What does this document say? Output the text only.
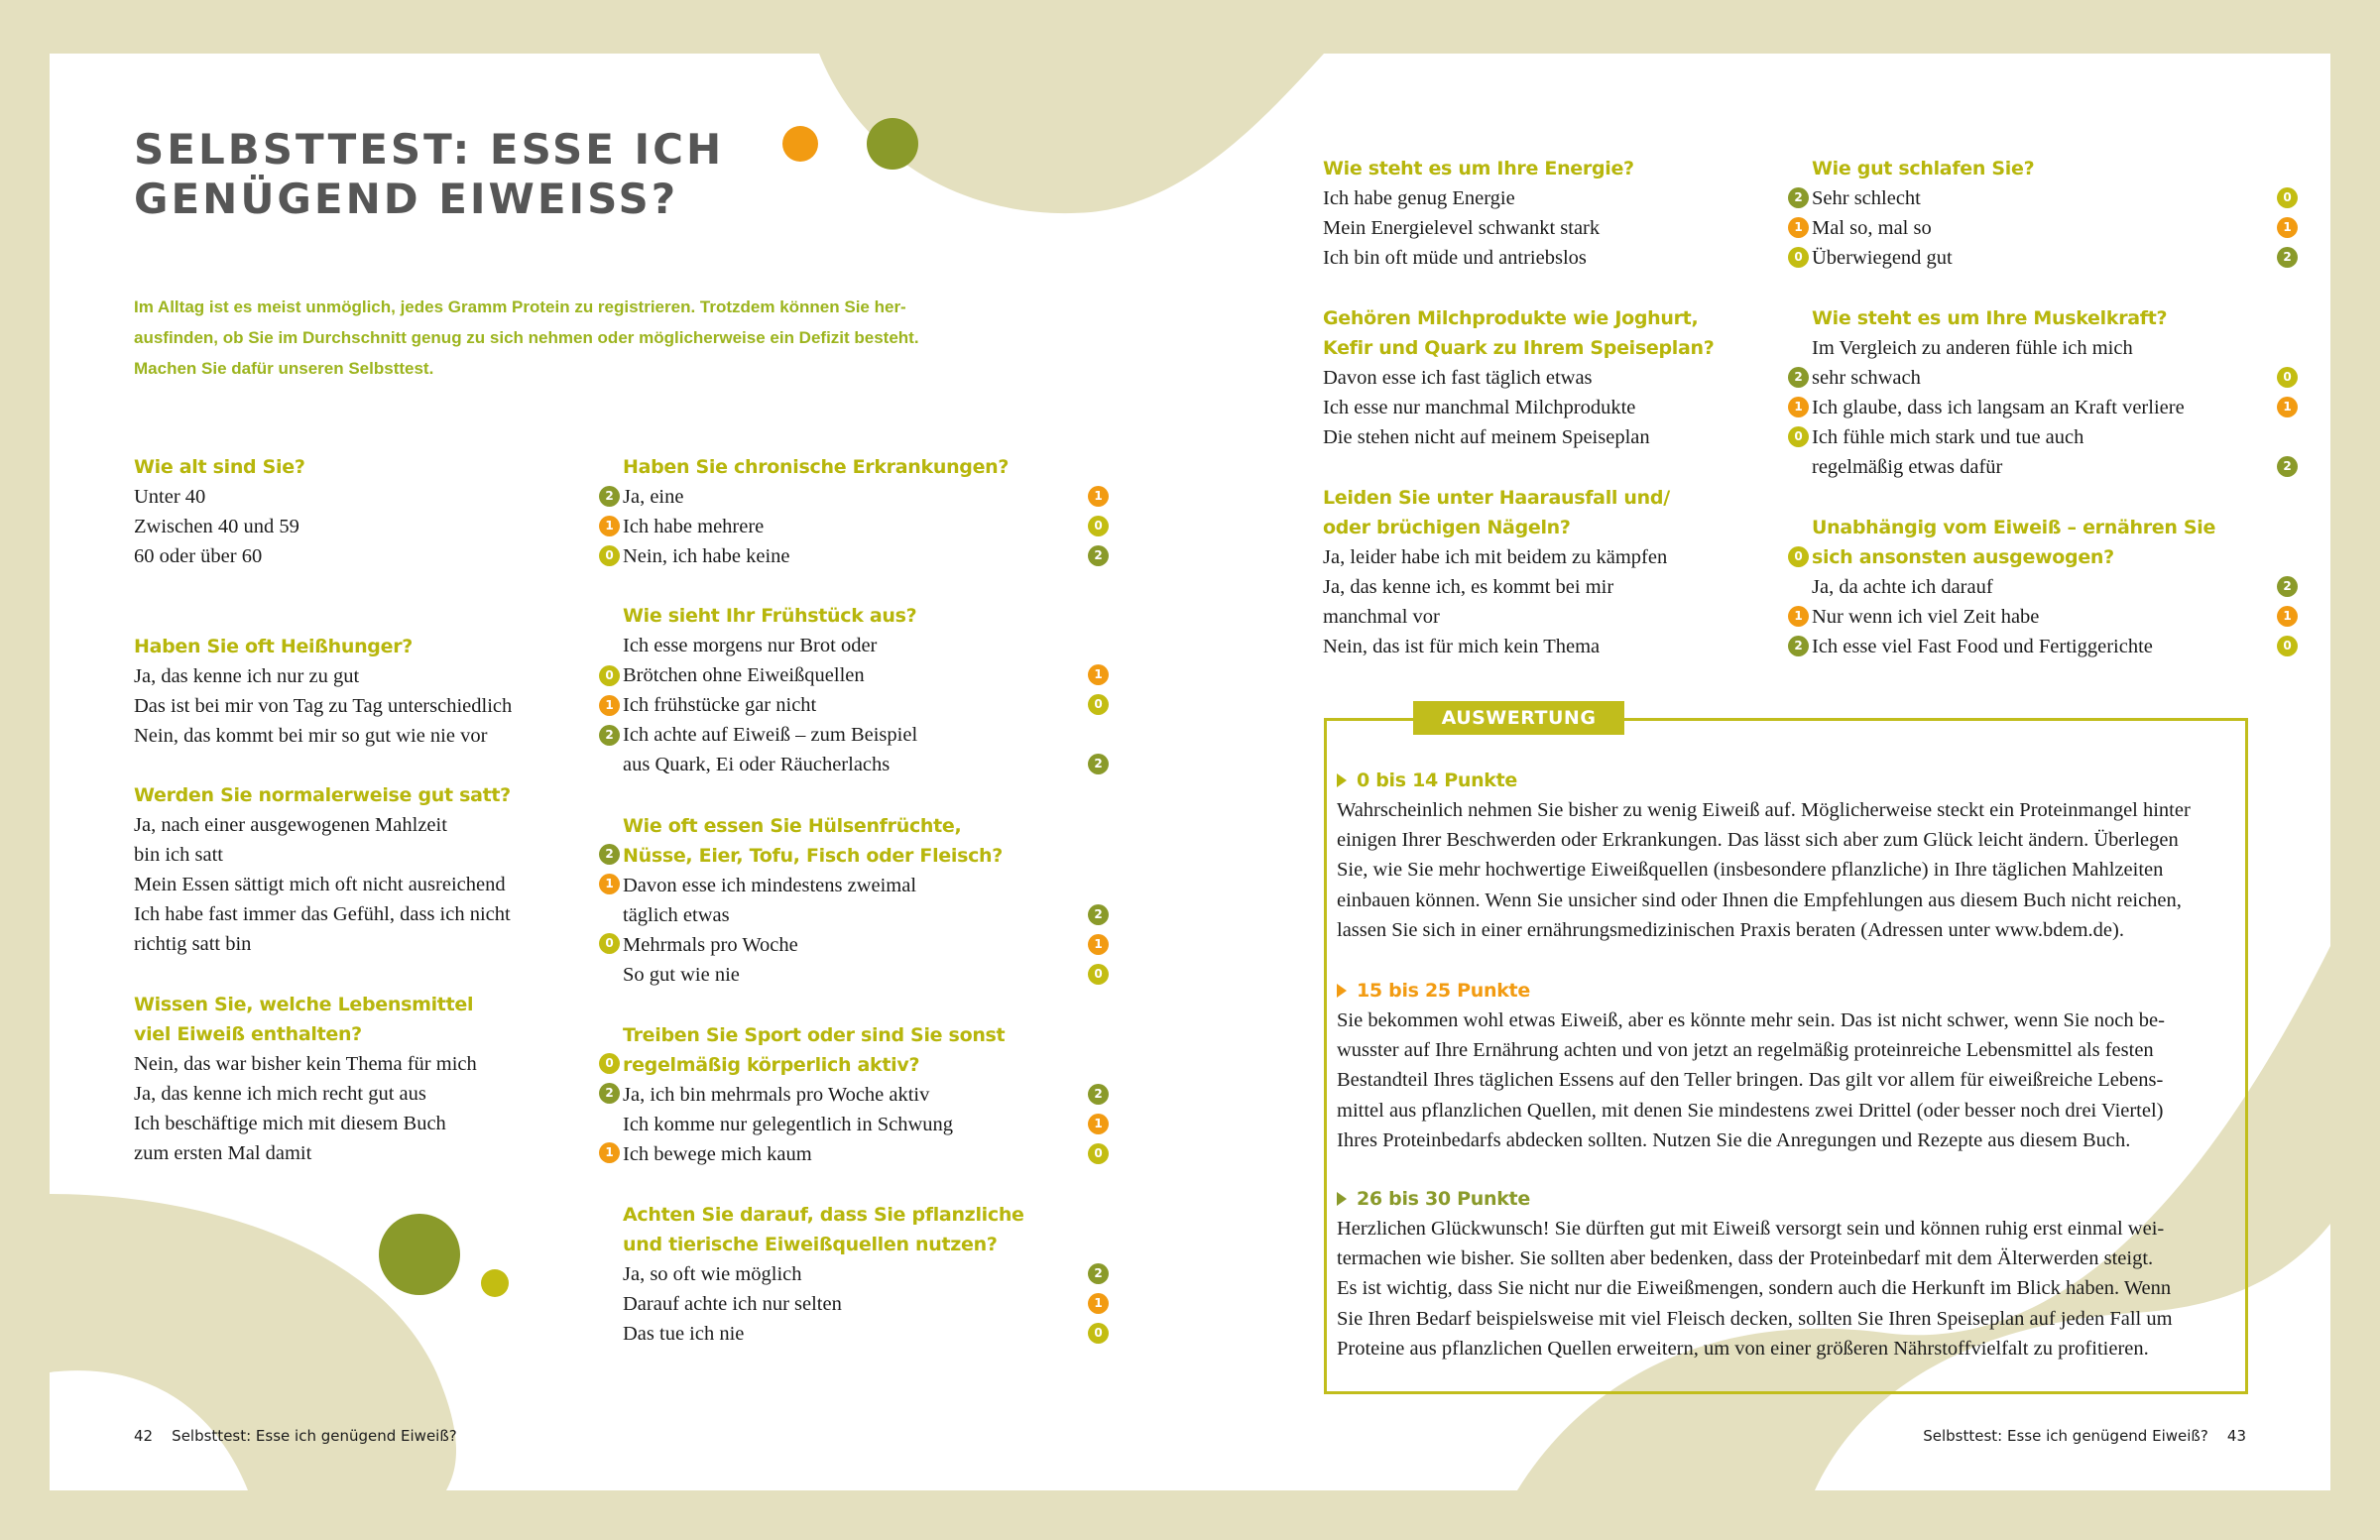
SELBSTTEST: ESSE ICH
GENÜGEND EIWEISS?
Im Alltag ist es meist unmöglich, jedes Gramm Protein zu registrieren. Trotzdem können Sie her-
ausfinden, ob Sie im Durchschnitt genug zu sich nehmen oder möglicherweise ein Defizit besteht.
Machen Sie dafür unseren Selbsttest.
Wie alt sind Sie?
Unter 40	2
Zwischen 40 und 59	1
60 oder über 60	0
Haben Sie oft Heißhunger?
Ja, das kenne ich nur zu gut	0
Das ist bei mir von Tag zu Tag unterschiedlich	1
Nein, das kommt bei mir so gut wie nie vor	2
Werden Sie normalerweise gut satt?
Ja, nach einer ausgewogenen Mahlzeit
bin ich satt	2
Mein Essen sättigt mich oft nicht ausreichend	1
Ich habe fast immer das Gefühl, dass ich nicht
richtig satt bin	0
Wissen Sie, welche Lebensmittel
viel Eiweiß enthalten?
Nein, das war bisher kein Thema für mich	0
Ja, das kenne ich mich recht gut aus	2
Ich beschäftige mich mit diesem Buch
zum ersten Mal damit	1
Haben Sie chronische Erkrankungen?
Ja, eine	1
Ich habe mehrere	0
Nein, ich habe keine	2
Wie sieht Ihr Frühstück aus?
Ich esse morgens nur Brot oder
Brötchen ohne Eiweißquellen	1
Ich frühstücke gar nicht	0
Ich achte auf Eiweiß – zum Beispiel
aus Quark, Ei oder Räucherlachs	2
Wie oft essen Sie Hülsenfrüchte,
Nüsse, Eier, Tofu, Fisch oder Fleisch?
Davon esse ich mindestens zweimal
täglich etwas	2
Mehrmals pro Woche	1
So gut wie nie	0
Treiben Sie Sport oder sind Sie sonst
regelmäßig körperlich aktiv?
Ja, ich bin mehrmals pro Woche aktiv	2
Ich komme nur gelegentlich in Schwung	1
Ich bewege mich kaum	0
Achten Sie darauf, dass Sie pflanzliche
und tierische Eiweißquellen nutzen?
Ja, so oft wie möglich	2
Darauf achte ich nur selten	1
Das tue ich nie	0
Wie steht es um Ihre Energie?
Ich habe genug Energie	2
Mein Energielevel schwankt stark	1
Ich bin oft müde und antriebslos	0
Gehören Milchprodukte wie Joghurt,
Kefir und Quark zu Ihrem Speiseplan?
Davon esse ich fast täglich etwas	2
Ich esse nur manchmal Milchprodukte	1
Die stehen nicht auf meinem Speiseplan	0
Leiden Sie unter Haarausfall und/
oder brüchigen Nägeln?
Ja, leider habe ich mit beidem zu kämpfen	0
Ja, das kenne ich, es kommt bei mir
manchmal vor	1
Nein, das ist für mich kein Thema	2
Wie gut schlafen Sie?
Sehr schlecht	0
Mal so, mal so	1
Überwiegend gut	2
Wie steht es um Ihre Muskelkraft?
Im Vergleich zu anderen fühle ich mich
sehr schwach	0
Ich glaube, dass ich langsam an Kraft verliere	1
Ich fühle mich stark und tue auch
regelmäßig etwas dafür	2
Unabhängig vom Eiweiß – ernähren Sie
sich ansonsten ausgewogen?
Ja, da achte ich darauf	2
Nur wenn ich viel Zeit habe	1
Ich esse viel Fast Food und Fertiggerichte	0
AUSWERTUNG
0 bis 14 Punkte
Wahrscheinlich nehmen Sie bisher zu wenig Eiweiß auf. Möglicherweise steckt ein Proteinmangel hinter
einigen Ihrer Beschwerden oder Erkrankungen. Das lässt sich aber zum Glück leicht ändern. Überlegen
Sie, wie Sie mehr hochwertige Eiweißquellen (insbesondere pflanzliche) in Ihre täglichen Mahlzeiten
einbauen können. Wenn Sie unsicher sind oder Ihnen die Empfehlungen aus diesem Buch nicht reichen,
lassen Sie sich in einer ernährungsmedizinischen Praxis beraten (Adressen unter www.bdem.de).
15 bis 25 Punkte
Sie bekommen wohl etwas Eiweiß, aber es könnte mehr sein. Das ist nicht schwer, wenn Sie noch be-
wusster auf Ihre Ernährung achten und von jetzt an regelmäßig proteinreiche Lebensmittel als festen
Bestandteil Ihres täglichen Essens auf den Teller bringen. Das gilt vor allem für eiweißreiche Lebens-
mittel aus pflanzlichen Quellen, mit denen Sie mindestens zwei Drittel (oder besser noch drei Viertel)
Ihres Proteinbedarfs abdecken sollten. Nutzen Sie die Anregungen und Rezepte aus diesem Buch.
26 bis 30 Punkte
Herzlichen Glückwunsch! Sie dürften gut mit Eiweiß versorgt sein und können ruhig erst einmal wei-
termachen wie bisher. Sie sollten aber bedenken, dass der Proteinbedarf mit dem Älterwerden steigt.
Es ist wichtig, dass Sie nicht nur die Eiweißmengen, sondern auch die Herkunft im Blick haben. Wenn
Sie Ihren Bedarf beispielsweise mit viel Fleisch decken, sollten Sie Ihren Speiseplan auf jeden Fall um
Proteine aus pflanzlichen Quellen erweitern, um von einer größeren Nährstoffvielfalt zu profitieren.
42 Selbsttest: Esse ich genügend Eiweiß?	Selbsttest: Esse ich genügend Eiweiß? 43
